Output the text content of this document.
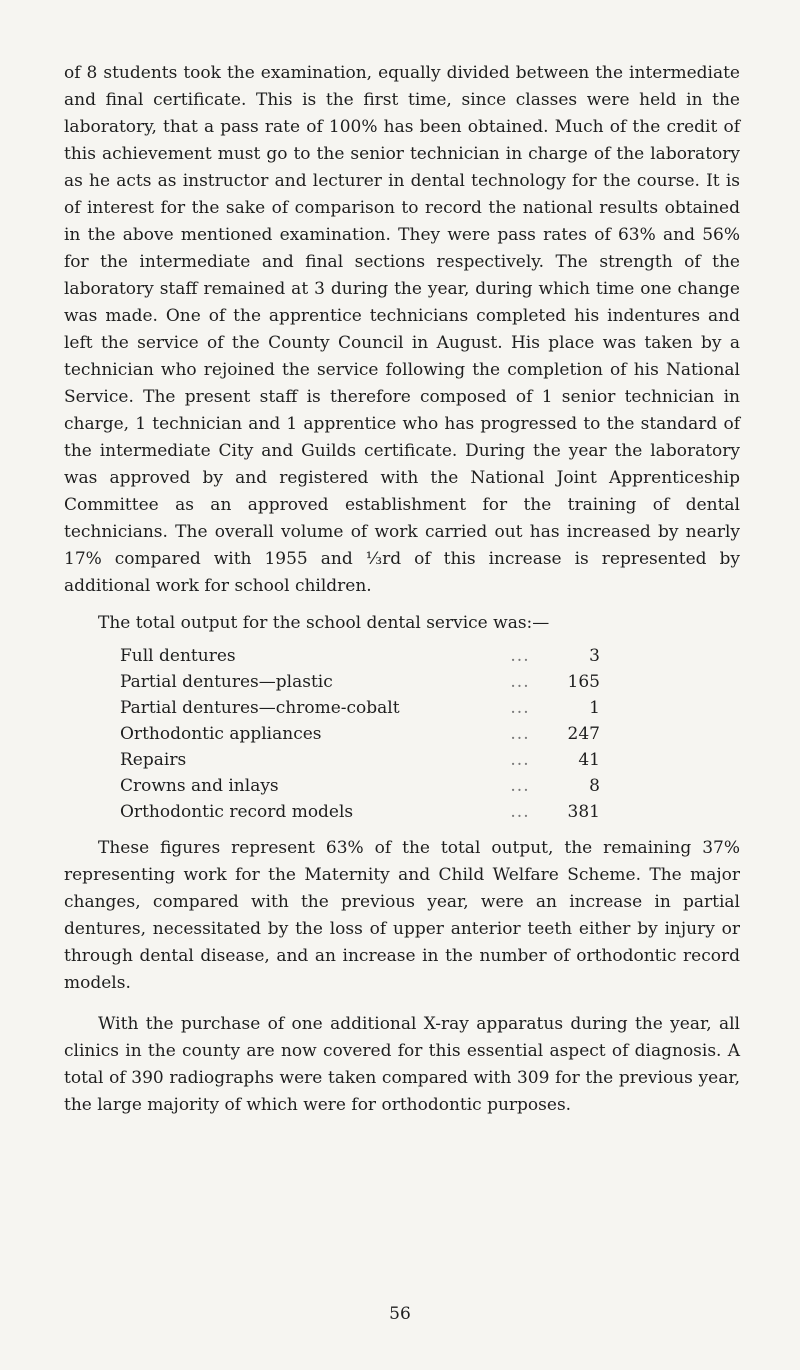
of 8 students took the examination, equally divided between the intermediate and final certificate. This is the first time, since classes were held in the laboratory, that a pass rate of 100% has been obtained. Much of the credit of this achievement must go to the senior technician in charge of the laboratory as he acts as instructor and lecturer in dental technology for the course. It is of interest for the sake of comparison to record the national results obtained in the above mentioned examination. They were pass rates of 63% and 56% for the intermediate and final sections respectively. The strength of the laboratory staff remained at 3 during the year, during which time one change was made. One of the apprentice technicians completed his indentures and left the service of the County Council in August. His place was taken by a technician who rejoined the service following the completion of his National Service. The present staff is therefore composed of 1 senior technician in charge, 1 technician and 1 apprentice who has progressed to the standard of the intermediate City and Guilds certificate. During the year the laboratory was approved by and registered with the National Joint Apprenticeship Committee as an approved establishment for the training of dental technicians. The overall volume of work carried out has increased by nearly 17% compared with 1955 and ⅓rd of this increase is represented by additional work for school children.

The total output for the school dental service was:—

Full dentures	...	3
Partial dentures—plastic	...	165
Partial dentures—chrome-cobalt	...	1
Orthodontic appliances	...	247
Repairs	...	41
Crowns and inlays	...	8
Orthodontic record models	...	381

These figures represent 63% of the total output, the remaining 37% representing work for the Maternity and Child Welfare Scheme. The major changes, compared with the previous year, were an increase in partial dentures, necessitated by the loss of upper anterior teeth either by injury or through dental disease, and an increase in the number of orthodontic record models.

With the purchase of one additional X-ray apparatus during the year, all clinics in the county are now covered for this essential aspect of diagnosis. A total of 390 radiographs were taken compared with 309 for the previous year, the large majority of which were for orthodontic purposes.

56
